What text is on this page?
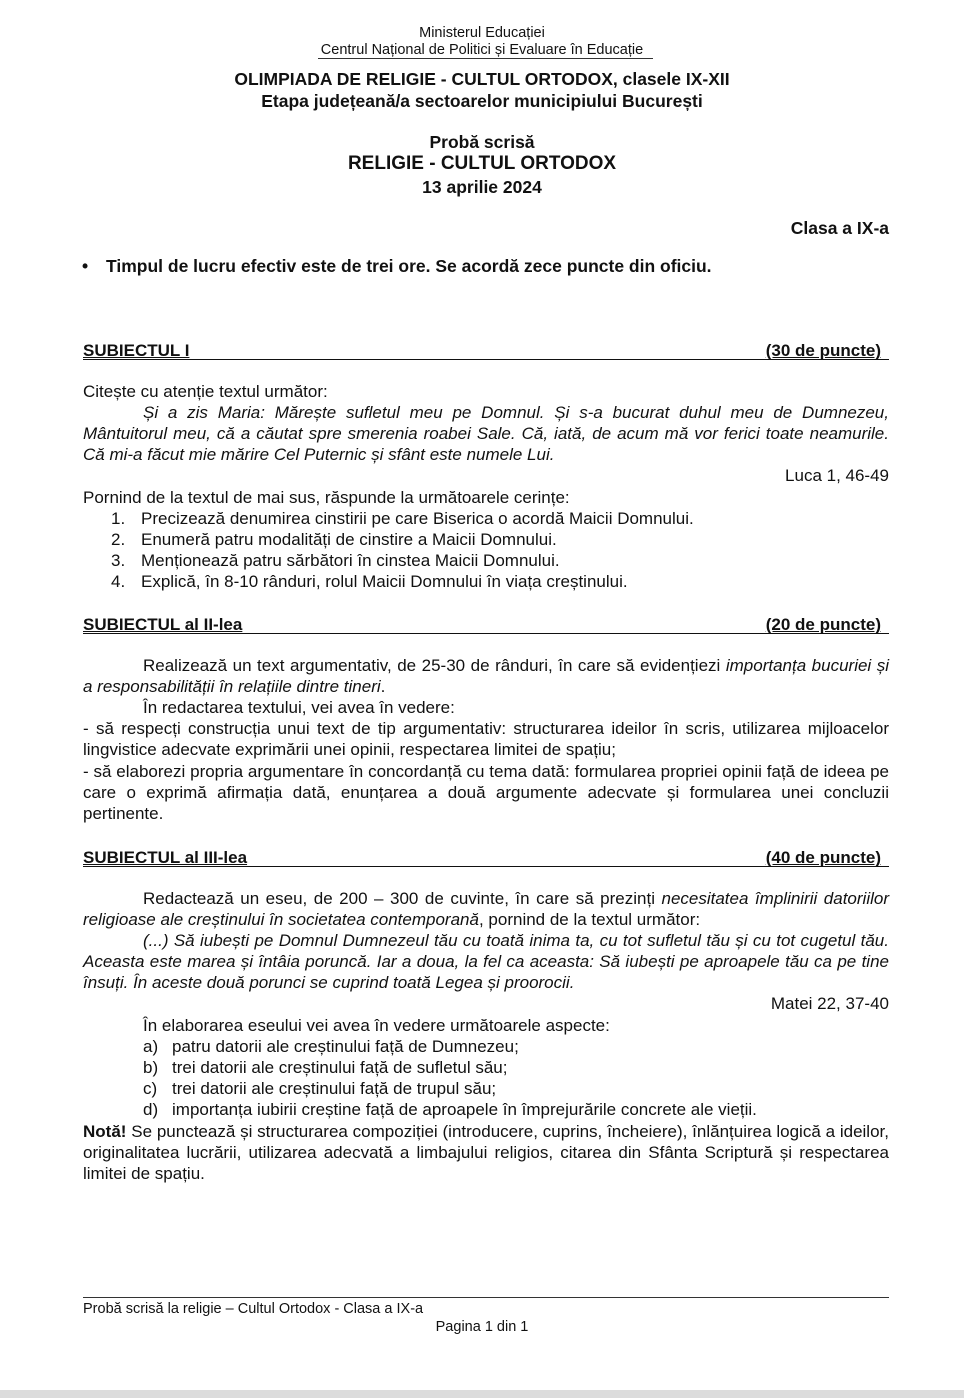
Ministerul Educației
Centrul Național de Politici și Evaluare în Educație
OLIMPIADA DE RELIGIE - CULTUL ORTODOX, clasele IX-XII
Etapa județeană/a sectoarelor municipiului București
Probă scrisă
RELIGIE - CULTUL ORTODOX
13 aprilie 2024
Clasa a IX-a
• Timpul de lucru efectiv este de trei ore. Se acordă zece puncte din oficiu.
SUBIECTUL I	(30 de puncte)
Citește cu atenție textul următor:
Și a zis Maria: Mărește sufletul meu pe Domnul. Și s-a bucurat duhul meu de Dumnezeu, Mântuitorul meu, că a căutat spre smerenia roabei Sale. Că, iată, de acum mă vor ferici toate neamurile. Că mi-a făcut mie mărire Cel Puternic și sfânt este numele Lui.
Luca 1, 46-49
Pornind de la textul de mai sus, răspunde la următoarele cerințe:
1. Precizează denumirea cinstirii pe care Biserica o acordă Maicii Domnului.
2. Enumeră patru modalități de cinstire a Maicii Domnului.
3. Menționează patru sărbători în cinstea Maicii Domnului.
4. Explică, în 8-10 rânduri, rolul Maicii Domnului în viața creștinului.
SUBIECTUL al II-lea	(20 de puncte)
Realizează un text argumentativ, de 25-30 de rânduri, în care să evidențiezi importanța bucuriei și a responsabilității în relațiile dintre tineri.
În redactarea textului, vei avea în vedere:
- să respecți construcția unui text de tip argumentativ: structurarea ideilor în scris, utilizarea mijloacelor lingvistice adecvate exprimării unei opinii, respectarea limitei de spațiu;
- să elaborezi propria argumentare în concordanță cu tema dată: formularea propriei opinii față de ideea pe care o exprimă afirmația dată, enunțarea a două argumente adecvate și formularea unei concluzii pertinente.
SUBIECTUL al III-lea	(40 de puncte)
Redactează un eseu, de 200 – 300 de cuvinte, în care să prezinți necesitatea împlinirii datoriilor religioase ale creștinului în societatea contemporană, pornind de la textul următor:
(...) Să iubești pe Domnul Dumnezeul tău cu toată inima ta, cu tot sufletul tău și cu tot cugetul tău. Aceasta este marea și întâia poruncă. Iar a doua, la fel ca aceasta: Să iubești pe aproapele tău ca pe tine însuți. În aceste două porunci se cuprind toată Legea și proorocii.
Matei 22, 37-40
În elaborarea eseului vei avea în vedere următoarele aspecte:
a) patru datorii ale creștinului față de Dumnezeu;
b) trei datorii ale creștinului față de sufletul său;
c) trei datorii ale creștinului față de trupul său;
d) importanța iubirii creștine față de aproapele în împrejurările concrete ale vieții.
Notă! Se punctează și structurarea compoziției (introducere, cuprins, încheiere), înlănțuirea logică a ideilor, originalitatea lucrării, utilizarea adecvată a limbajului religios, citarea din Sfânta Scriptură și respectarea limitei de spațiu.
Probă scrisă la religie – Cultul Ortodox - Clasa a IX-a
Pagina 1 din 1
